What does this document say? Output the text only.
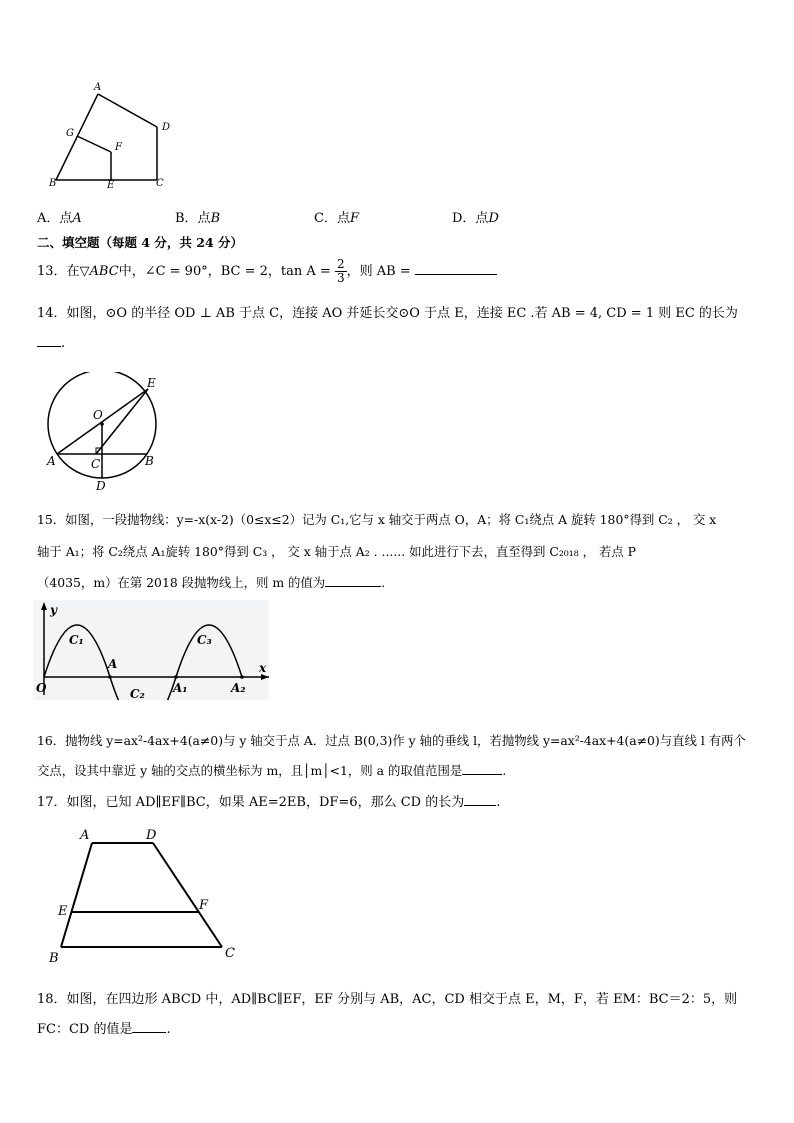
A
B	C
D
E
F
G
A．点A	B．点B	C．点F	D．点D
二、填空题（每题 4 分，共 24 分）
13．在▽ABC中，∠C = 90°，BC = 2，$\tan A = \frac{2}{3}$ ，则 AB =
14．如图，⊙O 的半径 OD ⊥ AB 于点 C，连接 AO 并延长交⊙O 于点 E，连接 EC .若 AB = 4, CD = 1 则 EC 的长为
.
E
O
A	C	B
D
15．如图，一段抛物线：y=-x(x-2)（0≤x≤2）记为 C₁,它与 x 轴交于两点 O，A；将 C₁绕点 A 旋转 180°得到 C₂ ， 交 x
轴于 A₁；将 C₂绕点 A₁旋转 180°得到 C₃ ， 交 x 轴于点 A₂ . ...... 如此进行下去，直至得到 C₂₀₁₈ ， 若点 P
（4035，m）在第 2018 段抛物线上，则 m 的值为	.
y
x
O
A
A₁	A₂
C₁
C₂
C₃
16．抛物线 y=ax²-4ax+4(a≠0)与 y 轴交于点 A．过点 B(0,3)作 y 轴的垂线 l，若抛物线 y=ax²-4ax+4(a≠0)与直线 l 有两个
交点，设其中靠近 y 轴的交点的横坐标为 m，且│m│<1，则 a 的取值范围是	.
17．如图，已知 AD∥EF∥BC，如果 AE=2EB，DF=6，那么 CD 的长为 .
A	D
E	F
B	C
18．如图，在四边形 ABCD 中，AD∥BC∥EF，EF 分别与 AB，AC，CD 相交于点 E，M，F，若 EM：BC＝2：5，则
FC：CD 的值是	.
